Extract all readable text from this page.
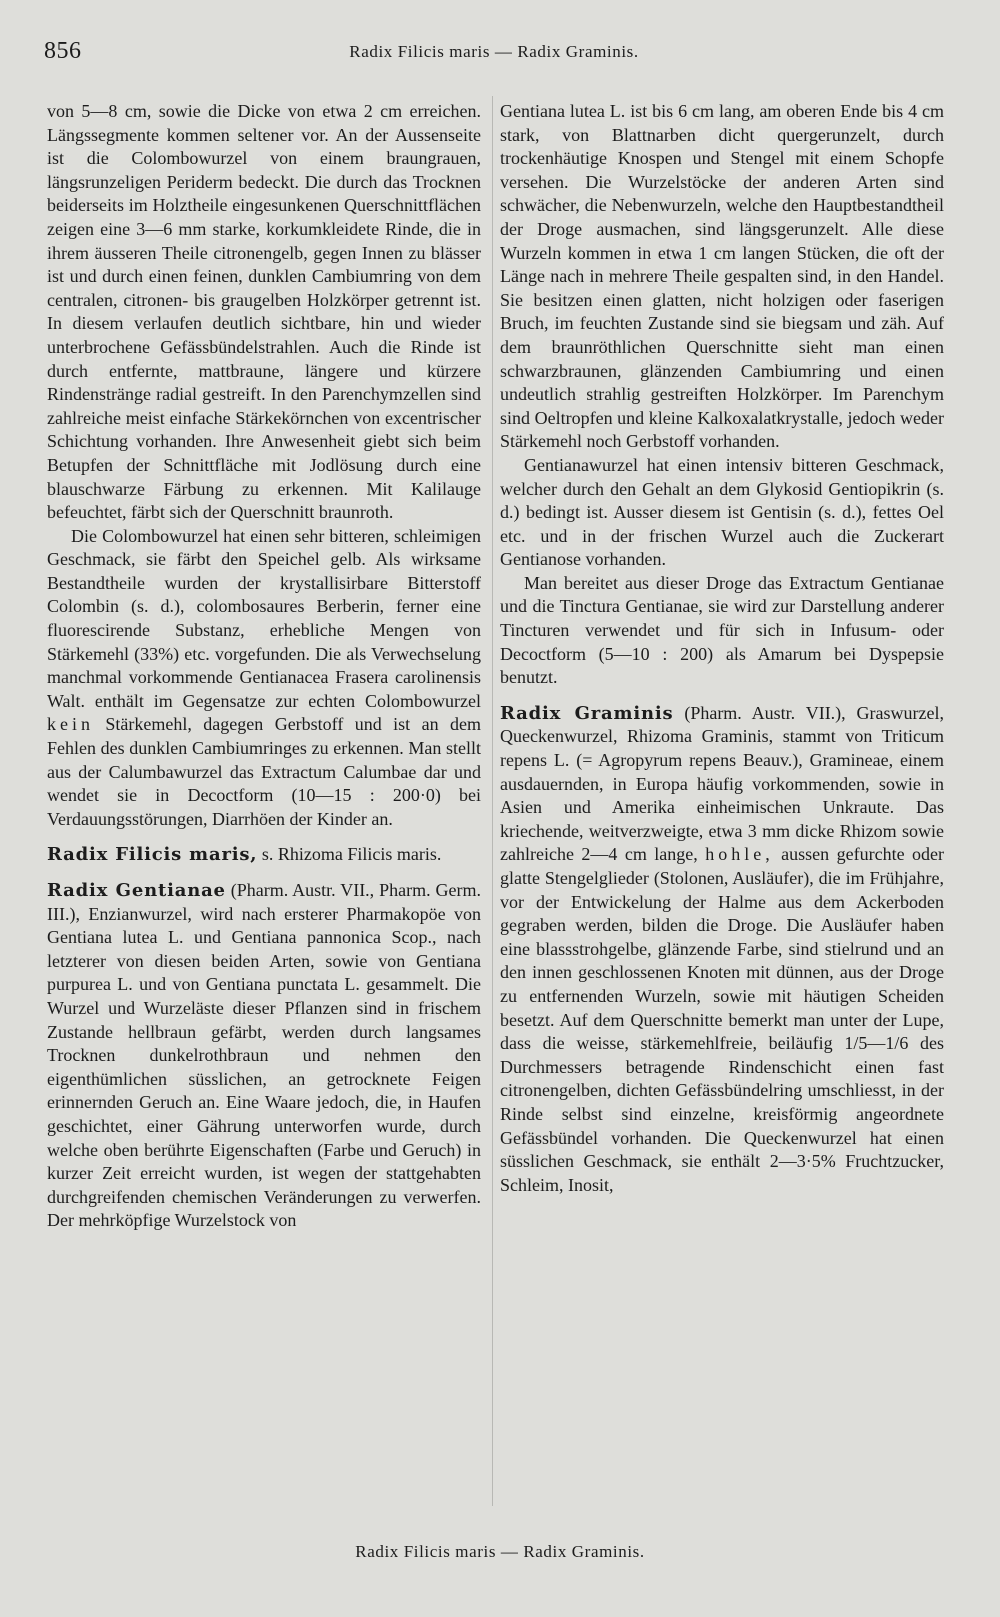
856	Radix Filicis maris — Radix Graminis.

von 5—8 cm, sowie die Dicke von etwa 2 cm erreichen. Längssegmente kommen seltener vor. An der Aussenseite ist die Colombowurzel von einem braungrauen, längsrunzeligen Periderm bedeckt. Die durch das Trocknen beiderseits im Holztheile eingesunkenen Querschnittflächen zeigen eine 3—6 mm starke, korkumkleidete Rinde, die in ihrem äusseren Theile citronengelb, gegen Innen zu blässer ist und durch einen feinen, dunklen Cambiumring von dem centralen, citronen- bis graugelben Holzkörper getrennt ist. In diesem verlaufen deutlich sichtbare, hin und wieder unterbrochene Gefässbündelstrahlen. Auch die Rinde ist durch entfernte, mattbraune, längere und kürzere Rindenstränge radial gestreift. In den Parenchymzellen sind zahlreiche meist einfache Stärkekörnchen von excentrischer Schichtung vorhanden. Ihre Anwesenheit giebt sich beim Betupfen der Schnittfläche mit Jodlösung durch eine blauschwarze Färbung zu erkennen. Mit Kalilauge befeuchtet, färbt sich der Querschnitt braunroth.

Die Colombowurzel hat einen sehr bitteren, schleimigen Geschmack, sie färbt den Speichel gelb. Als wirksame Bestandtheile wurden der krystallisirbare Bitterstoff Colombin (s. d.), colombosaures Berberin, ferner eine fluorescirende Substanz, erhebliche Mengen von Stärkemehl (33%) etc. vorgefunden. Die als Verwechselung manchmal vorkommende Gentianacea Frasera carolinensis Walt. enthält im Gegensatze zur echten Colombowurzel kein Stärkemehl, dagegen Gerbstoff und ist an dem Fehlen des dunklen Cambiumringes zu erkennen. Man stellt aus der Calumbawurzel das Extractum Calumbae dar und wendet sie in Decoctform (10—15 : 200·0) bei Verdauungsstörungen, Diarrhöen der Kinder an.

Radix Filicis maris, s. Rhizoma Filicis maris.

Radix Gentianae (Pharm. Austr. VII., Pharm. Germ. III.), Enzianwurzel, wird nach ersterer Pharmakopöe von Gentiana lutea L. und Gentiana pannonica Scop., nach letzterer von diesen beiden Arten, sowie von Gentiana purpurea L. und von Gentiana punctata L. gesammelt. Die Wurzel und Wurzeläste dieser Pflanzen sind in frischem Zustande hellbraun gefärbt, werden durch langsames Trocknen dunkelrothbraun und nehmen den eigenthümlichen süsslichen, an getrocknete Feigen erinnernden Geruch an. Eine Waare jedoch, die, in Haufen geschichtet, einer Gährung unterworfen wurde, durch welche oben berührte Eigenschaften (Farbe und Geruch) in kurzer Zeit erreicht wurden, ist wegen der stattgehabten durchgreifenden chemischen Veränderungen zu verwerfen. Der mehrköpfige Wurzelstock von

Gentiana lutea L. ist bis 6 cm lang, am oberen Ende bis 4 cm stark, von Blattnarben dicht quergerunzelt, durch trockenhäutige Knospen und Stengel mit einem Schopfe versehen. Die Wurzelstöcke der anderen Arten sind schwächer, die Nebenwurzeln, welche den Hauptbestandtheil der Droge ausmachen, sind längsgerunzelt. Alle diese Wurzeln kommen in etwa 1 cm langen Stücken, die oft der Länge nach in mehrere Theile gespalten sind, in den Handel. Sie besitzen einen glatten, nicht holzigen oder faserigen Bruch, im feuchten Zustande sind sie biegsam und zäh. Auf dem braunröthlichen Querschnitte sieht man einen schwarzbraunen, glänzenden Cambiumring und einen undeutlich strahlig gestreiften Holzkörper. Im Parenchym sind Oeltropfen und kleine Kalkoxalatkrystalle, jedoch weder Stärkemehl noch Gerbstoff vorhanden.

Gentianawurzel hat einen intensiv bitteren Geschmack, welcher durch den Gehalt an dem Glykosid Gentiopikrin (s. d.) bedingt ist. Ausser diesem ist Gentisin (s. d.), fettes Oel etc. und in der frischen Wurzel auch die Zuckerart Gentianose vorhanden.

Man bereitet aus dieser Droge das Extractum Gentianae und die Tinctura Gentianae, sie wird zur Darstellung anderer Tincturen verwendet und für sich in Infusum- oder Decoctform (5—10 : 200) als Amarum bei Dyspepsie benutzt.

Radix Graminis (Pharm. Austr. VII.), Graswurzel, Queckenwurzel, Rhizoma Graminis, stammt von Triticum repens L. (= Agropyrum repens Beauv.), Gramineae, einem ausdauernden, in Europa häufig vorkommenden, sowie in Asien und Amerika einheimischen Unkraute. Das kriechende, weitverzweigte, etwa 3 mm dicke Rhizom sowie zahlreiche 2—4 cm lange, hohle, aussen gefurchte oder glatte Stengelglieder (Stolonen, Ausläufer), die im Frühjahre, vor der Entwickelung der Halme aus dem Ackerboden gegraben werden, bilden die Droge. Die Ausläufer haben eine blassstrohgelbe, glänzende Farbe, sind stielrund und an den innen geschlossenen Knoten mit dünnen, aus der Droge zu entfernenden Wurzeln, sowie mit häutigen Scheiden besetzt. Auf dem Querschnitte bemerkt man unter der Lupe, dass die weisse, stärkemehlfreie, beiläufig 1/5—1/6 des Durchmessers betragende Rindenschicht einen fast citronengelben, dichten Gefässbündelring umschliesst, in der Rinde selbst sind einzelne, kreisförmig angeordnete Gefässbündel vorhanden. Die Queckenwurzel hat einen süsslichen Geschmack, sie enthält 2—3·5% Fruchtzucker, Schleim, Inosit,

Radix Filicis maris — Radix Graminis.
